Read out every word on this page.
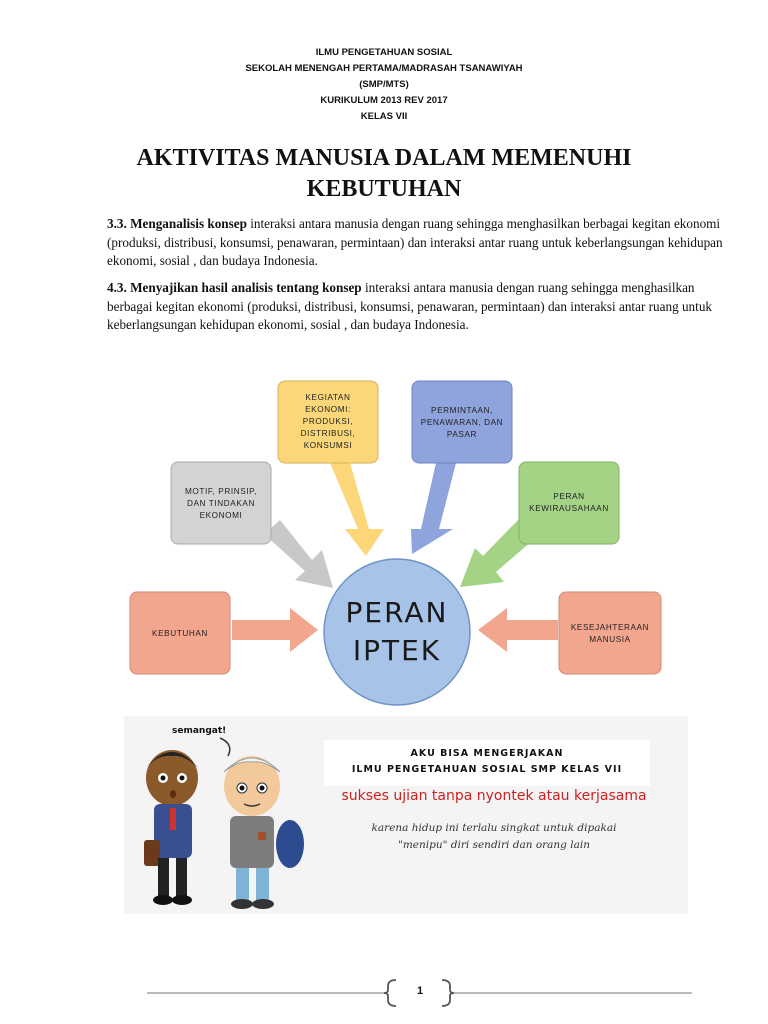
ILMU PENGETAHUAN SOSIAL
SEKOLAH MENENGAH PERTAMA/MADRASAH TSANAWIYAH
(SMP/MTS)
KURIKULUM 2013 REV 2017
KELAS VII
AKTIVITAS MANUSIA DALAM MEMENUHI
KEBUTUHAN
3.3. Menganalisis konsep interaksi antara manusia dengan ruang sehingga menghasilkan berbagai kegitan ekonomi (produksi, distribusi, konsumsi, penawaran, permintaan) dan interaksi antar ruang untuk keberlangsungan kehidupan ekonomi, sosial , dan budaya Indonesia.
4.3. Menyajikan hasil analisis tentang konsep interaksi antara manusia dengan ruang sehingga menghasilkan berbagai kegitan ekonomi (produksi, distribusi, konsumsi, penawaran, permintaan) dan interaksi antar ruang untuk keberlangsungan kehidupan ekonomi, sosial , dan budaya Indonesia.
KEBUTUHAN
MOTIF, PRINSIP,
DAN TINDAKAN
EKONOMI
KEGIATAN
EKONOMI:
PRODUKSI,
DISTRIBUSI,
KONSUMSI
PERMINTAAN,
PENAWARAN, DAN
PASAR
PERAN
KEWIRAUSAHAAN
KESEJAHTERAAN
MANUSIA
PERAN
IPTEK
semangat!
AKU BISA MENGERJAKAN
ILMU PENGETAHUAN SOSIAL SMP KELAS VII
sukses ujian tanpa nyontek atau kerjasama
karena hidup ini terlalu singkat untuk dipakai
"menipu" diri sendiri dan orang lain
1
